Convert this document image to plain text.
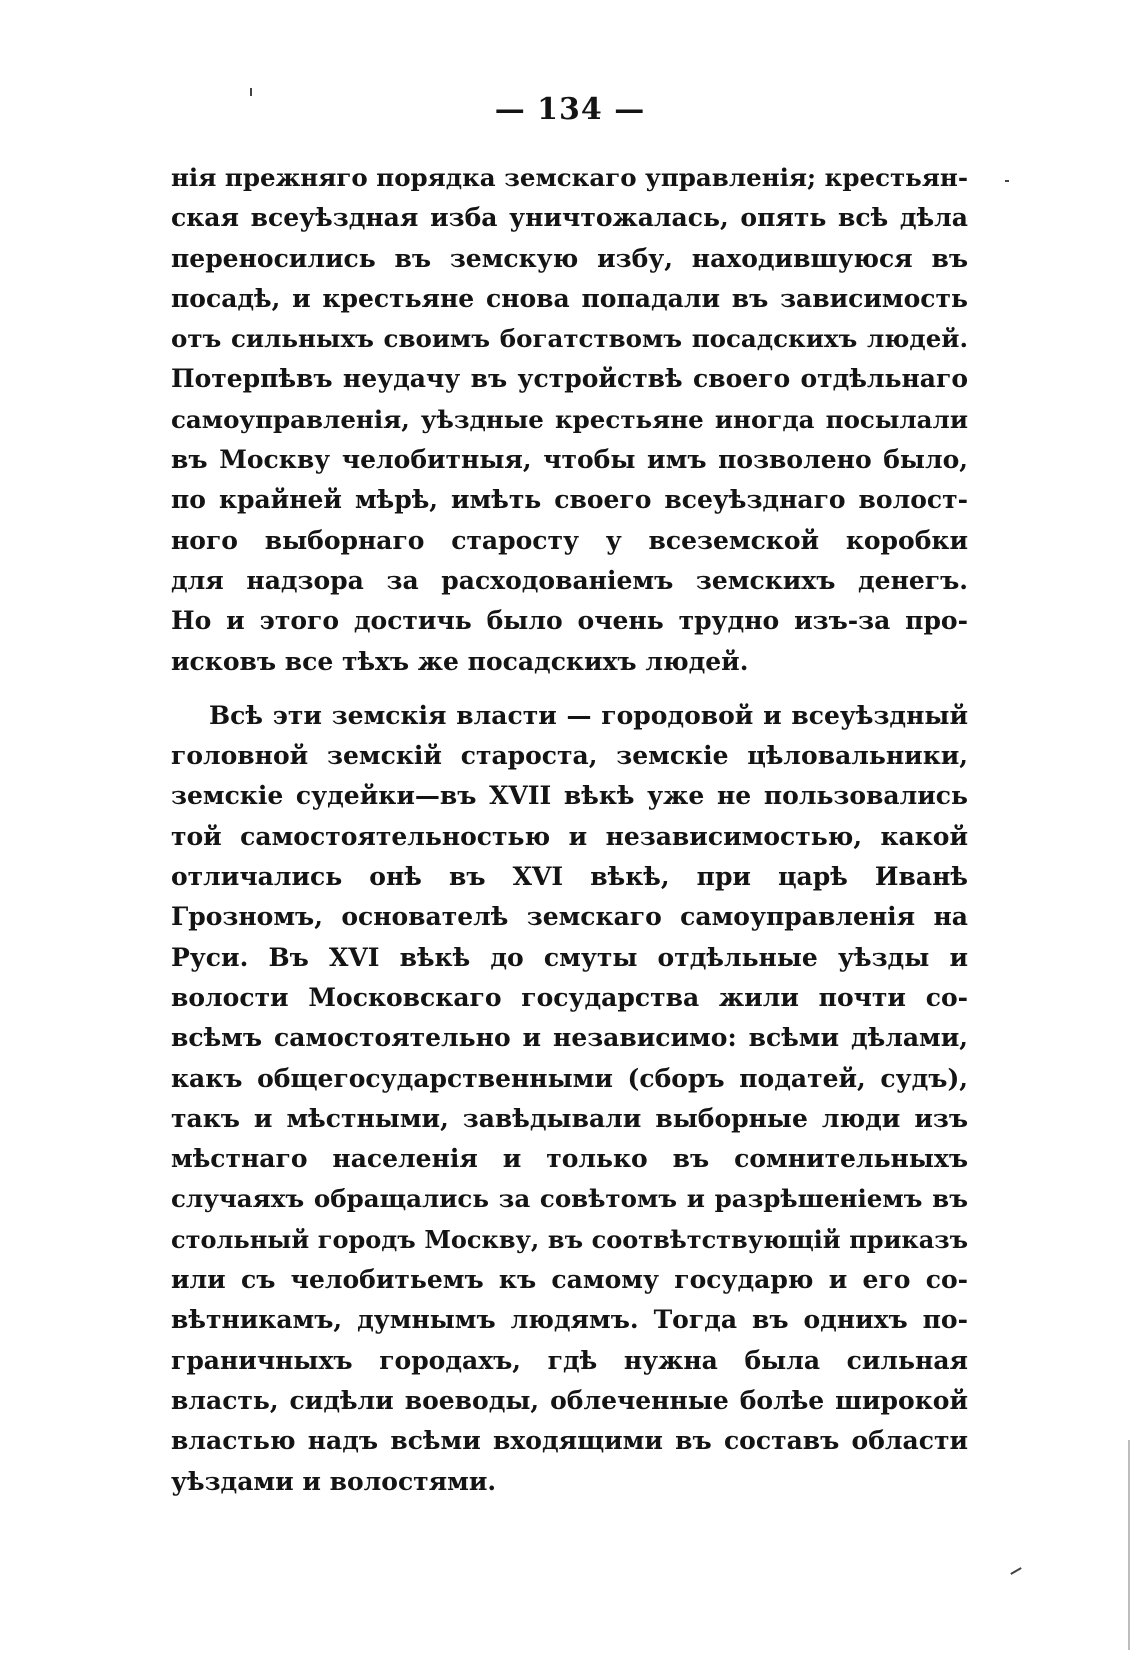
— 134 —
нія прежняго порядка земскаго управленія; крестьян-
ская всеуѣздная изба уничтожалась, опять всѣ дѣла
переносились въ земскую избу, находившуюся въ
посадѣ, и крестьяне снова попадали въ зависимость
отъ сильныхъ своимъ богатствомъ посадскихъ людей.
Потерпѣвъ неудачу въ устройствѣ своего отдѣльнаго
самоуправленія, уѣздные крестьяне иногда посылали
въ Москву челобитныя, чтобы имъ позволено было,
по крайней мѣрѣ, имѣть своего всеуѣзднаго волост-
ного выборнаго старосту у всеземской коробки
для надзора за расходованіемъ земскихъ денегъ.
Но и этого достичь было очень трудно изъ-за про-
исковъ все тѣхъ же посадскихъ людей.
Всѣ эти земскія власти — городовой и всеуѣздный
головной земскій староста, земскіе цѣловальники,
земскіе судейки—въ XVII вѣкѣ уже не пользовались
той самостоятельностью и независимостью, какой
отличались онѣ въ XVI вѣкѣ, при царѣ Иванѣ
Грозномъ, основателѣ земскаго самоуправленія на
Руси. Въ XVI вѣкѣ до смуты отдѣльные уѣзды и
волости Московскаго государства жили почти со-
всѣмъ самостоятельно и независимо: всѣми дѣлами,
какъ общегосударственными (сборъ податей, судъ),
такъ и мѣстными, завѣдывали выборные люди изъ
мѣстнаго населенія и только въ сомнительныхъ
случаяхъ обращались за совѣтомъ и разрѣшеніемъ въ
стольный городъ Москву, въ соотвѣтствующій приказъ
или съ челобитьемъ къ самому государю и его со-
вѣтникамъ, думнымъ людямъ. Тогда въ однихъ по-
граничныхъ городахъ, гдѣ нужна была сильная
власть, сидѣли воеводы, облеченные болѣе широкой
властью надъ всѣми входящими въ составъ области
уѣздами и волостями.
